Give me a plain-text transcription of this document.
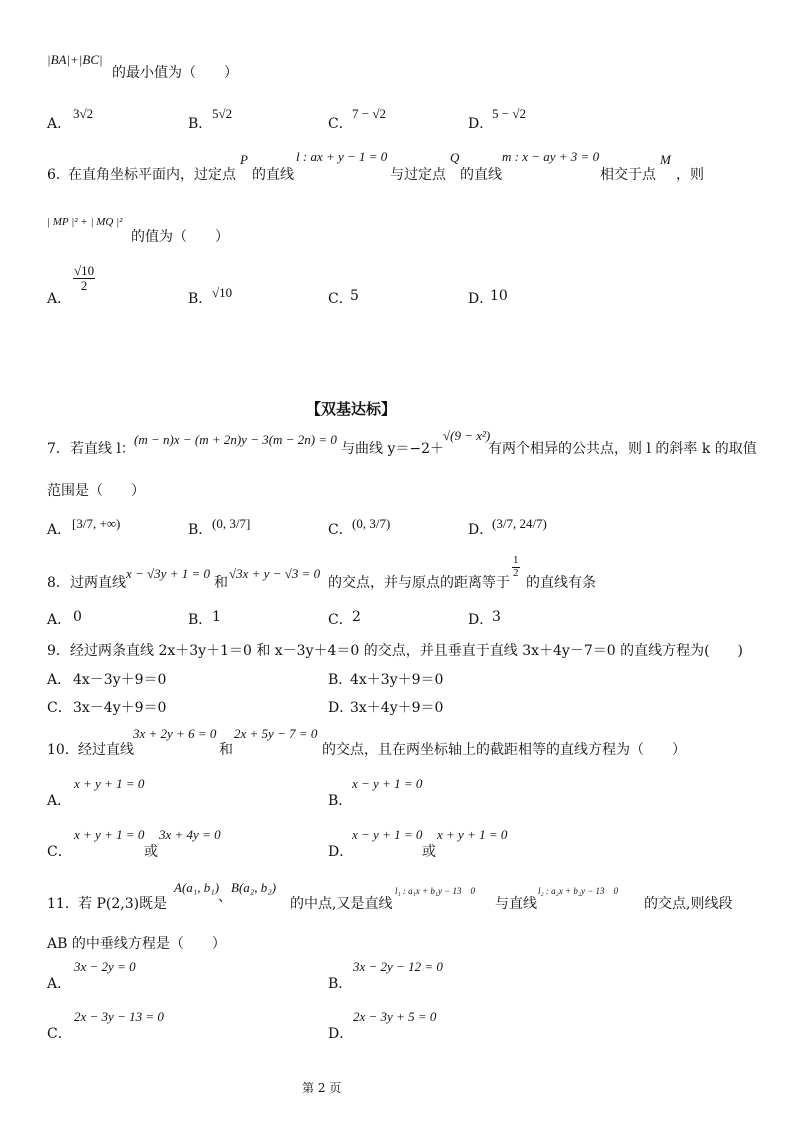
|BA|+|BC|
的最小值为（　　）
A．
3√2
B．
5√2
C．
7 − √2
D．
5 − √2
6．
在直角坐标平面内，过定点
P
的直线
l : ax + y − 1 = 0
与过定点
Q
的直线
m : x − ay + 3 = 0
相交于点
M
，则
| MP |² + | MQ |²
的值为（　　）
A．
$\frac{√10}{2}$
B． √10	C．
5	D．
10
【双基达标】
7． 若直线 l：
(m − n)x − (m + 2n)y − 3(m − 2n) = 0
与曲线 y＝−2＋
√(9 − x²)
有两个相异的公共点，则 l 的斜率 k 的取值
范围是（　　）
A． [3/7, +∞)	B． (0, 3/7]	C． (0, 3/7)	D．
(3/7, 24/7)
8． 过两直线
x − √3y + 1 = 0
和
√3x + y − √3 = 0
的交点，并与原点的距离等于
$\frac{1}{2}$
的直线有条
A． 0	B． 1	C． 2	D．
3
9． 经过两条直线 2x＋3y＋1＝0 和 x－3y＋4＝0 的交点，并且垂直于直线 3x＋4y－7＝0 的直线方程为(　　)
A． 4x－3y＋9＝0	B．
4x＋3y＋9＝0
C． 3x－4y＋9＝0	D．
3x＋4y＋9＝0
10． 经过直线
3x + 2y + 6 = 0
和
2x + 5y − 7 = 0
的交点，且在两坐标轴上的截距相等的直线方程为（　　）
x + y + 1 = 0
A．
x − y + 1 = 0
B．
x + y + 1 = 0
或
3x + 4y = 0
C．
x − y + 1 = 0
或
x + y + 1 = 0
D．
11． 若 P(2,3)既是
A(a₁, b₁)
、
B(a₂, b₂)
的中点,又是直线
l₁ : a₁x + b₁y − 13　0
与直线
l₂ : a₂x + b₂y − 13　0
的交点,则线段
AB 的中垂线方程是（　　）
3x − 2y = 0
A．
3x − 2y − 12 = 0
B．
2x − 3y − 13 = 0
C．
2x − 3y + 5 = 0
D．
第 2 页
